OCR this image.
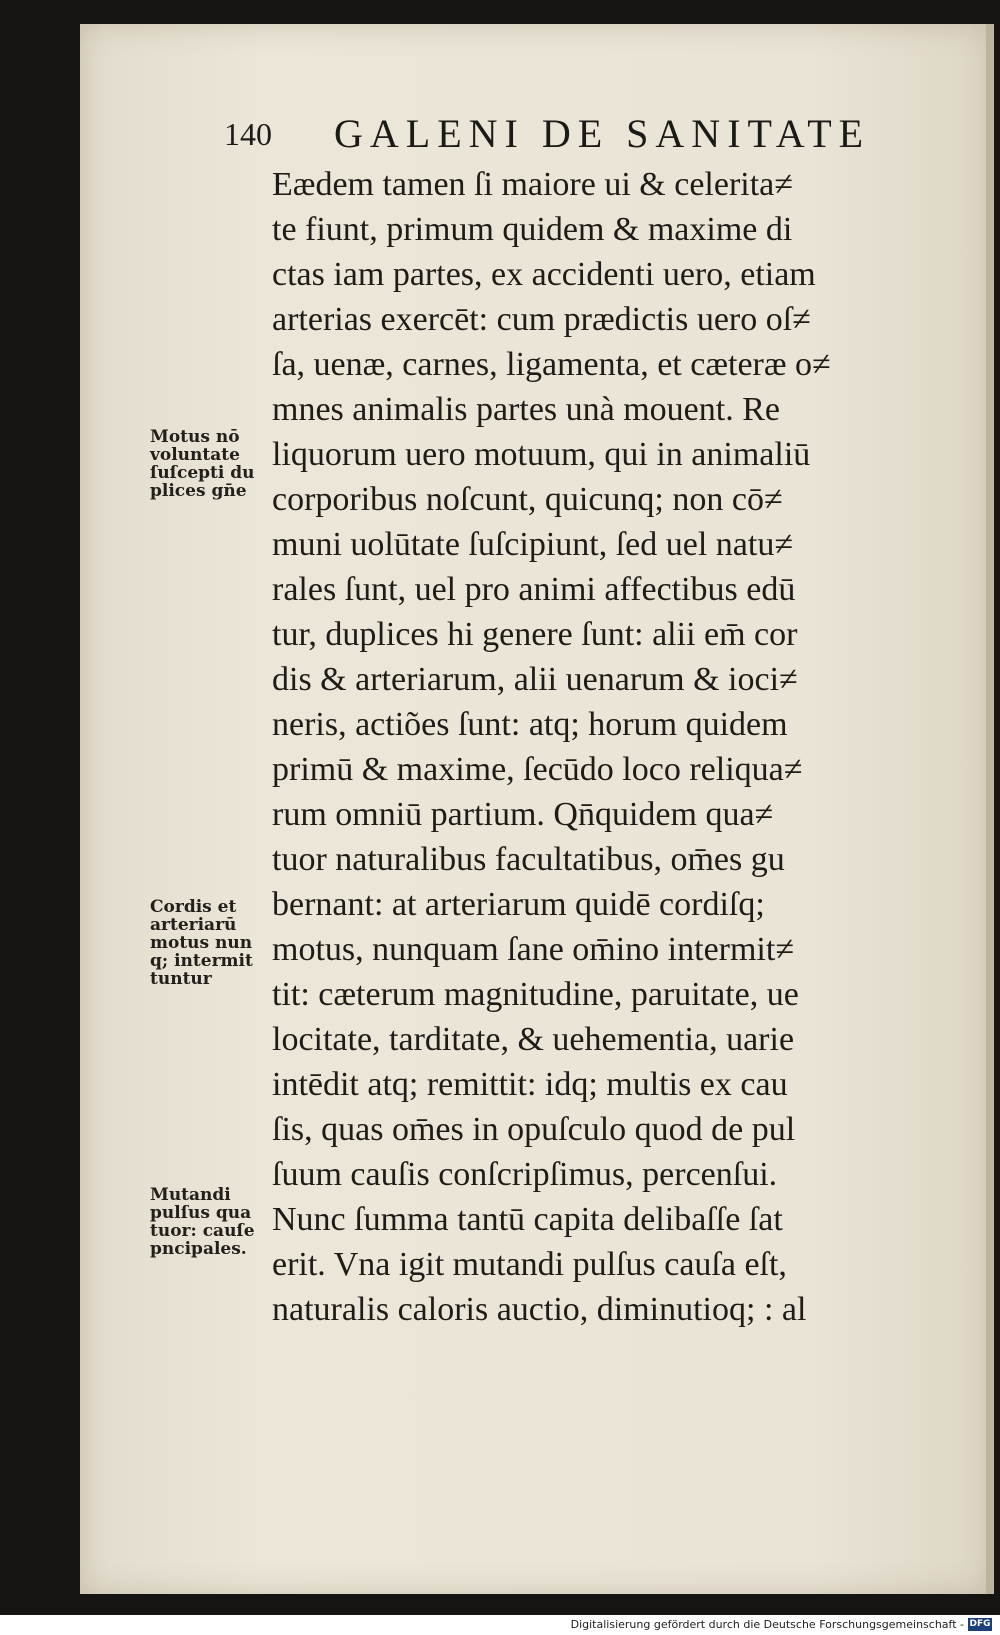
140 GALENI DE SANITATE
Eædem tamen ſi maiore ui & celerita≠
te fiunt, primum quidem & maxime di
ctas iam partes, ex accidenti uero, etiam
arterias exercēt: cum prædictis uero oſ≠
ſa, uenæ, carnes, ligamenta, et cæteræ o≠
mnes animalis partes unà mouent. Re
liquorum uero motuum, qui in animaliū
corporibus noſcunt, quicunq; non cō≠
muni uolūtate ſuſcipiunt, ſed uel natu≠
rales ſunt, uel pro animi affectibus edū
tur, duplices hi genere ſunt: alii em̄ cor
dis & arteriarum, alii uenarum & ioci≠
neris, actiões ſunt: atq; horum quidem
primū & maxime, ſecūdo loco reliqua≠
rum omniū partium. Qn̄quidem qua≠
tuor naturalibus facultatibus, om̄es gu
bernant: at arteriarum quidē cordiſq;
motus, nunquam ſane om̄ino intermit≠
tit: cæterum magnitudine, paruitate, ue
locitate, tarditate, & uehementia, uarie
intēdit atq; remittit: idq; multis ex cau
ſis, quas om̄es in opuſculo quod de pul
ſuum cauſis conſcripſimus, percenſui.
Nunc ſumma tantū capita delibaſſe ſat
erit. Vna igit mutandi pulſus cauſa eſt,
naturalis caloris auctio, diminutioq; : al
Motus nō
voluntate
ſuſcepti du
plices gn̄e
Cordis et
arteriarū
motus nun
q; intermit
tuntur
Mutandi
pulſus qua
tuor: cauſe
pncipales.
Digitalisierung gefördert durch die Deutsche Forschungsgemeinschaft - DFG
